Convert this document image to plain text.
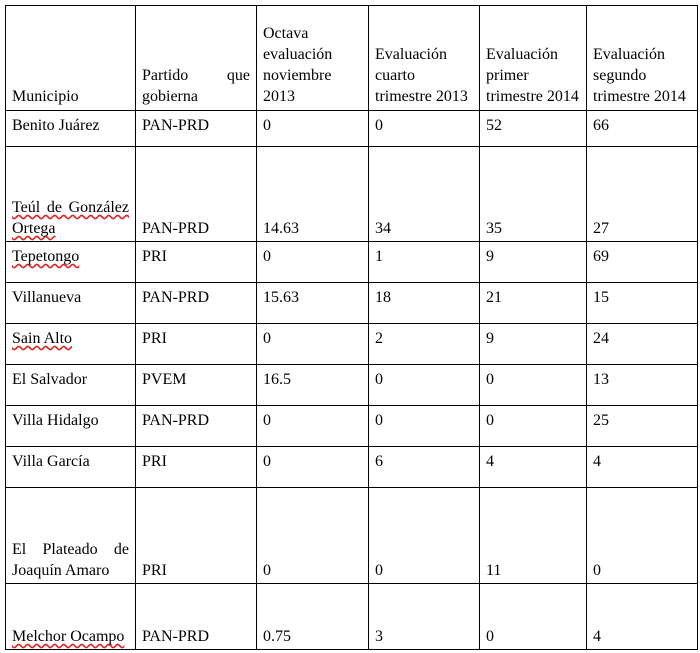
Municipio	Partido que gobierna	Octava evaluación noviembre 2013	Evaluación cuarto trimestre 2013	Evaluación primer trimestre 2014	Evaluación segundo trimestre 2014
Benito Juárez	PAN-PRD	0	0	52	66
Teúl de González Ortega	PAN-PRD	14.63	34	35	27
Tepetongo	PRI	0	1	9	69
Villanueva	PAN-PRD	15.63	18	21	15
Sain Alto	PRI	0	2	9	24
El Salvador	PVEM	16.5	0	0	13
Villa Hidalgo	PAN-PRD	0	0	0	25
Villa García	PRI	0	6	4	4
El Plateado de Joaquín Amaro	PRI	0	0	11	0
Melchor Ocampo	PAN-PRD	0.75	3	0	4
